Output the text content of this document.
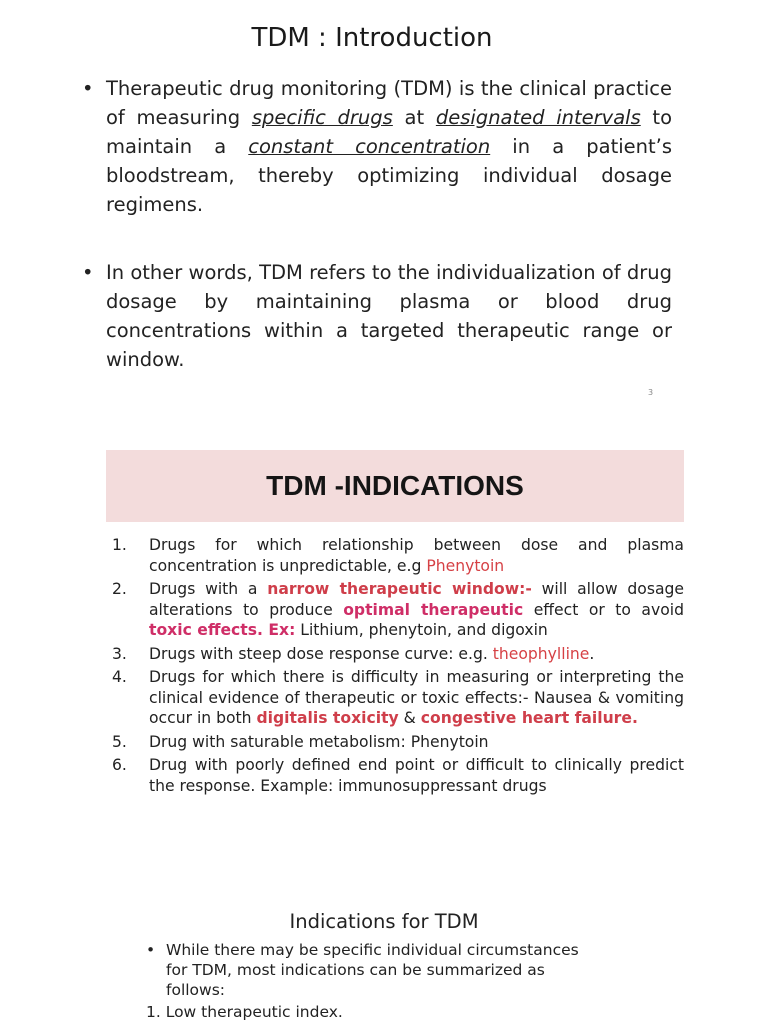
TDM : Introduction
• Therapeutic drug monitoring (TDM) is the clinical practice of measuring specific drugs at designated intervals to maintain a constant concentration in a patient’s bloodstream, thereby optimizing individual dosage regimens.
• In other words, TDM refers to the individualization of drug dosage by maintaining plasma or blood drug concentrations within a targeted therapeutic range or window.
3
TDM -INDICATIONS
1. Drugs for which relationship between dose and plasma concentration is unpredictable, e.g Phenytoin
2. Drugs with a narrow therapeutic window:- will allow dosage alterations to produce optimal therapeutic effect or to avoid toxic effects. Ex: Lithium, phenytoin, and digoxin
3. Drugs with steep dose response curve: e.g. theophylline.
4. Drugs for which there is difficulty in measuring or interpreting the clinical evidence of therapeutic or toxic effects:- Nausea & vomiting occur in both digitalis toxicity & congestive heart failure.
5. Drug with saturable metabolism: Phenytoin
6. Drug with poorly defined end point or difficult to clinically predict the response. Example: immunosuppressant drugs
Indications for TDM
• While there may be specific individual circumstances for TDM, most indications can be summarized as follows:
1. Low therapeutic index.
